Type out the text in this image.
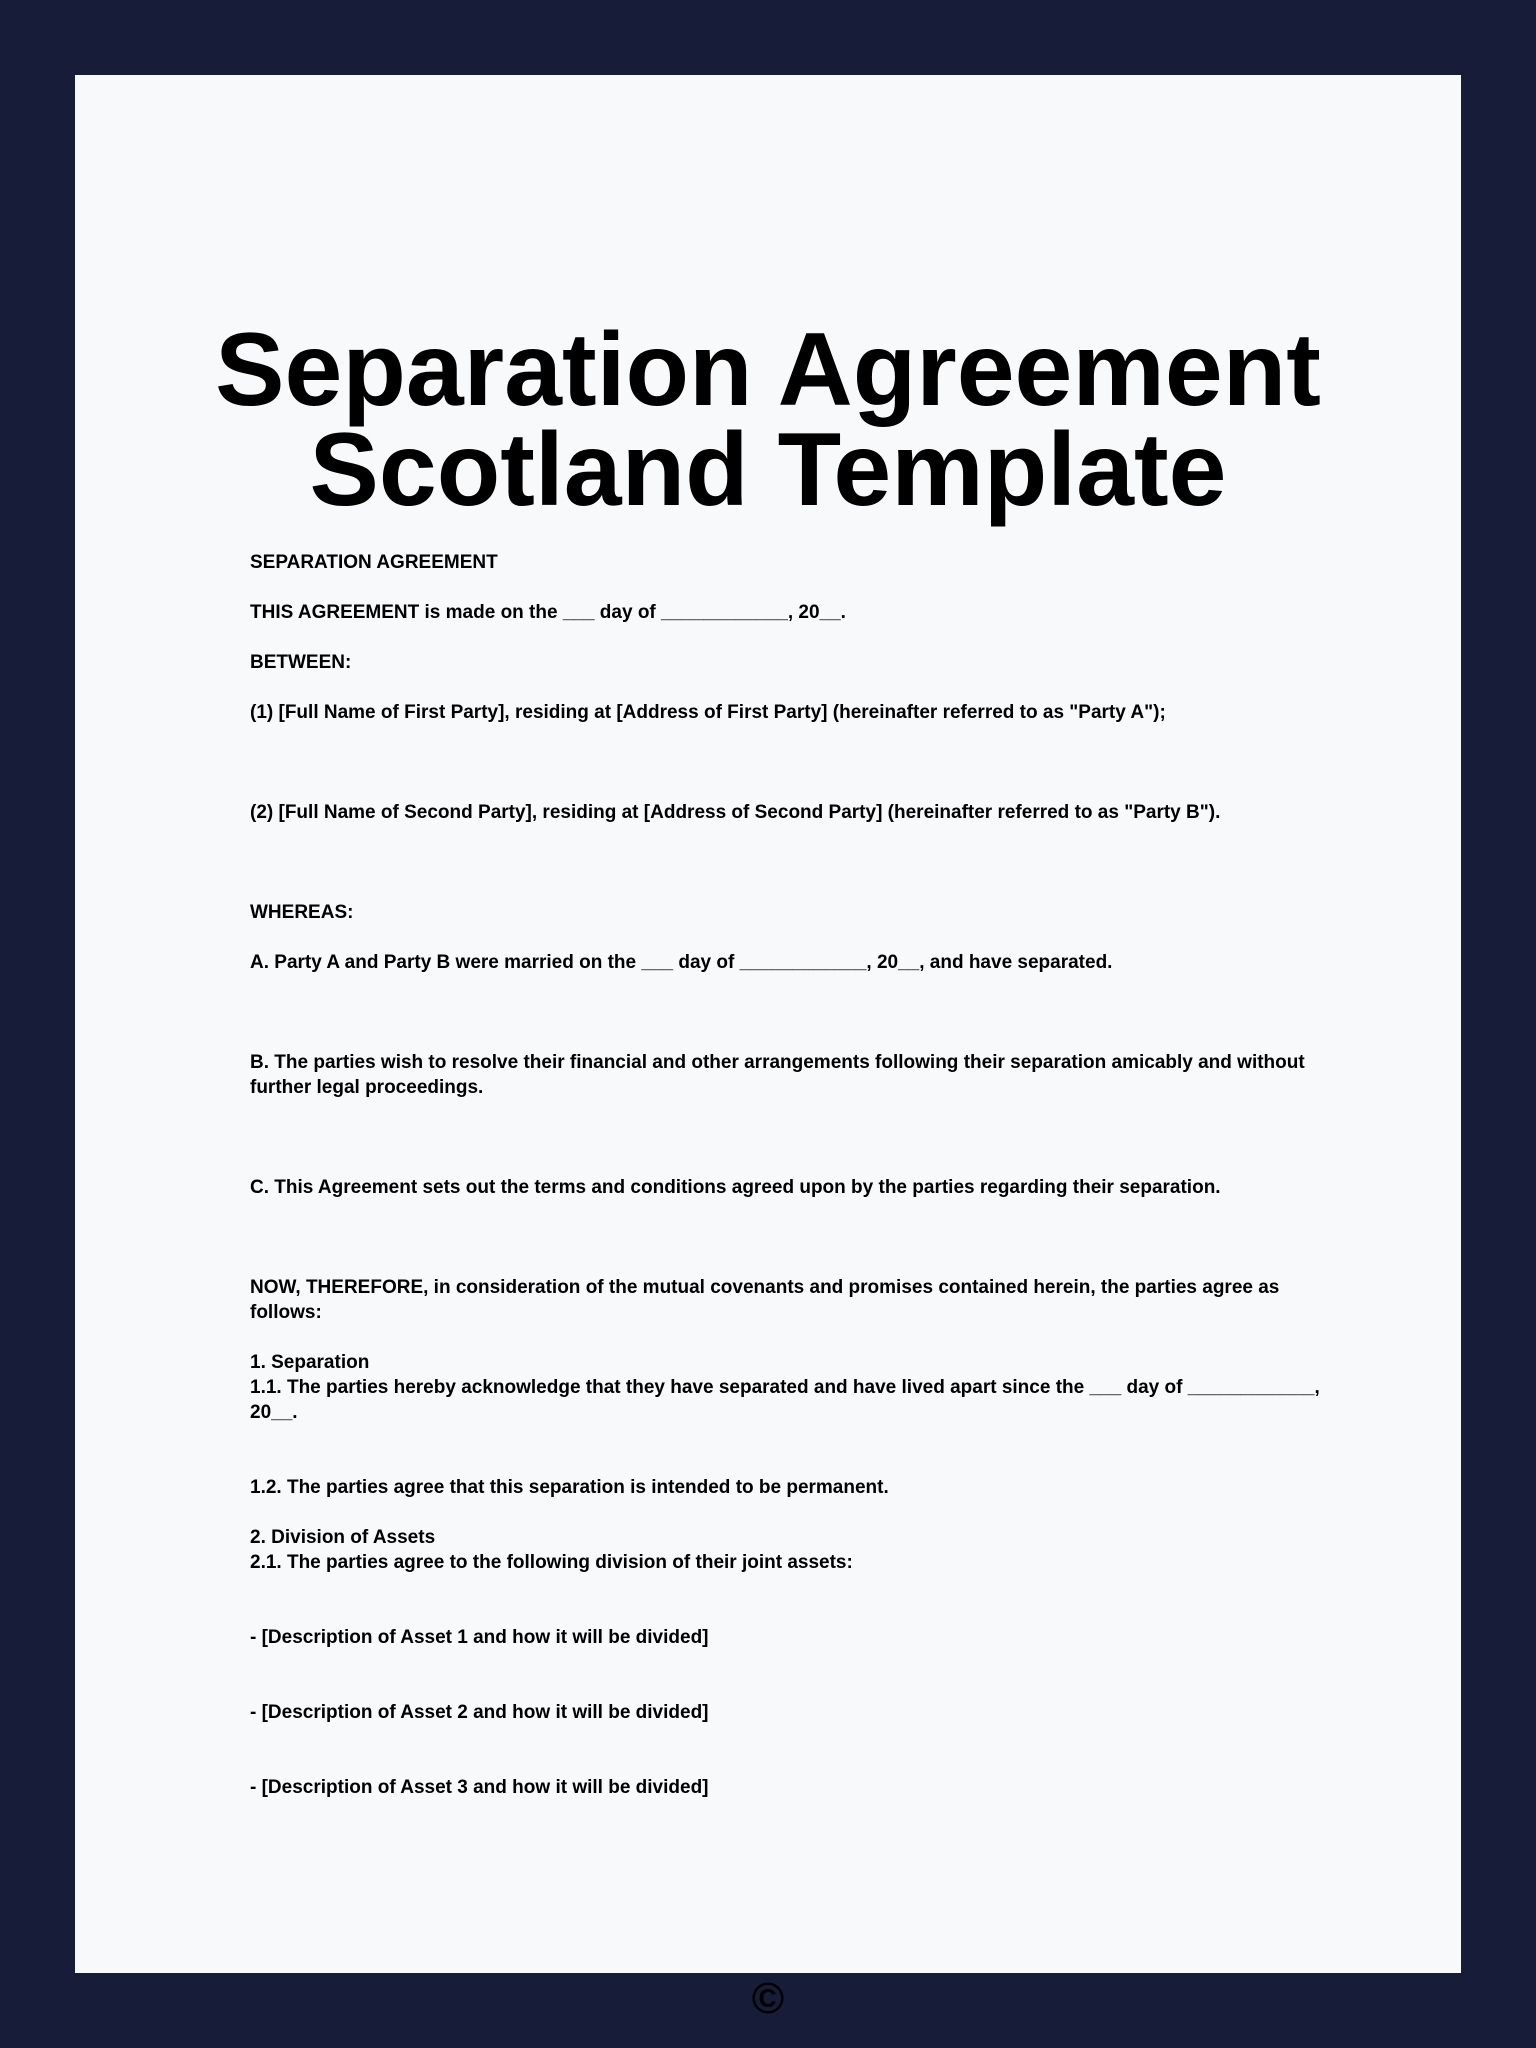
Separation Agreement
Scotland Template

SEPARATION AGREEMENT

THIS AGREEMENT is made on the ___ day of ____________, 20__.

BETWEEN:

(1) [Full Name of First Party], residing at [Address of First Party] (hereinafter referred to as "Party A");

(2) [Full Name of Second Party], residing at [Address of Second Party] (hereinafter referred to as "Party B").

WHEREAS:

A. Party A and Party B were married on the ___ day of ____________, 20__, and have separated.

B. The parties wish to resolve their financial and other arrangements following their separation amicably and without further legal proceedings.

C. This Agreement sets out the terms and conditions agreed upon by the parties regarding their separation.

NOW, THEREFORE, in consideration of the mutual covenants and promises contained herein, the parties agree as follows:

1. Separation
1.1. The parties hereby acknowledge that they have separated and have lived apart since the ___ day of ____________, 20__.

1.2. The parties agree that this separation is intended to be permanent.

2. Division of Assets
2.1. The parties agree to the following division of their joint assets:

- [Description of Asset 1 and how it will be divided]

- [Description of Asset 2 and how it will be divided]

- [Description of Asset 3 and how it will be divided]

©
